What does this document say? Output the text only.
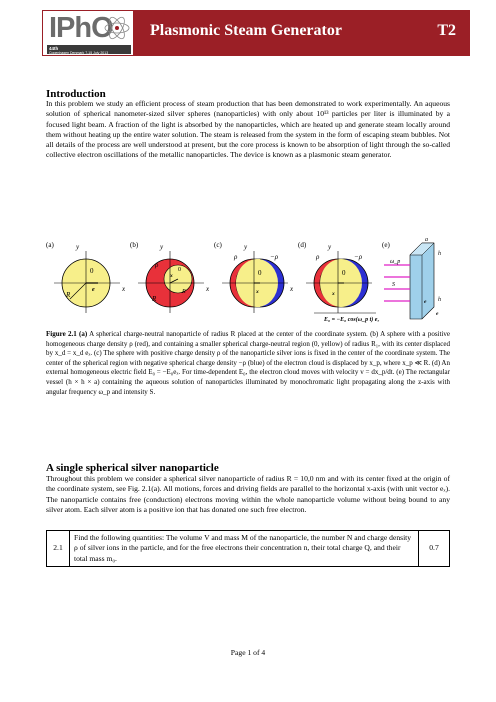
IPhO
44th
Copenhagen Denmark 7-15 July 2013
Plasmonic Steam Generator	T2
Introduction

In this problem we study an efficient process of steam production that has been demonstrated to work experimentally. An aqueous solution of spherical nanometer-sized silver spheres (nanoparticles) with only about 10¹³ particles per liter is illuminated by a focused light beam. A fraction of the light is absorbed by the nanoparticles, which are heated up and generate steam locally around them without heating up the entire water solution. The steam is released from the system in the form of escaping steam bubbles. Not all details of the process are well understood at present, but the core process is known to be absorption of light through the so-called collective electron oscillations of the metallic nanoparticles. The device is known as a plasmonic steam generator.

(a)	(b)	(c)	(d)	(e)
y
x
0
R
e
y
x
ρ
0
x
R
R
y
x
ρ	−ρ
0
x
y
ρ	−ρ
0
x
E₀ = −E₀ cos(ω_p t) eₓ
ω_p
S
a
h
h
e
e

Figure 2.1 (a) A spherical charge-neutral nanoparticle of radius R placed at the center of the coordinate system. (b) A sphere with a positive homogeneous charge density ρ (red), and containing a smaller spherical charge-neutral region (0, yellow) of radius R₁, with its center displaced by x_d = x_d eₓ. (c) The sphere with positive charge density ρ of the nanoparticle silver ions is fixed in the center of the coordinate system. The center of the spherical region with negative spherical charge density −ρ (blue) of the electron cloud is displaced by x_p, where x_p ≪ R. (d) An external homogeneous electric field E₀ = −E₀eₓ. For time-dependent E₀, the electron cloud moves with velocity v = dx_p/dt. (e) The rectangular vessel (h × h × a) containing the aqueous solution of nanoparticles illuminated by monochromatic light propagating along the z-axis with angular frequency ω_p and intensity S.

A single spherical silver nanoparticle

Throughout this problem we consider a spherical silver nanoparticle of radius R = 10,0 nm and with its center fixed at the origin of the coordinate system, see Fig. 2.1(a). All motions, forces and driving fields are parallel to the horizontal x-axis (with unit vector eₓ). The nanoparticle contains free (conduction) electrons moving within the whole nanoparticle volume without being bound to any silver atom. Each silver atom is a positive ion that has donated one such free electron.

2.1	Find the following quantities: The volume V and mass M of the nanoparticle, the number N and charge density ρ of silver ions in the particle, and for the free electrons their concentration n, their total charge Q, and their total mass m₀.	0.7
Page 1 of 4
